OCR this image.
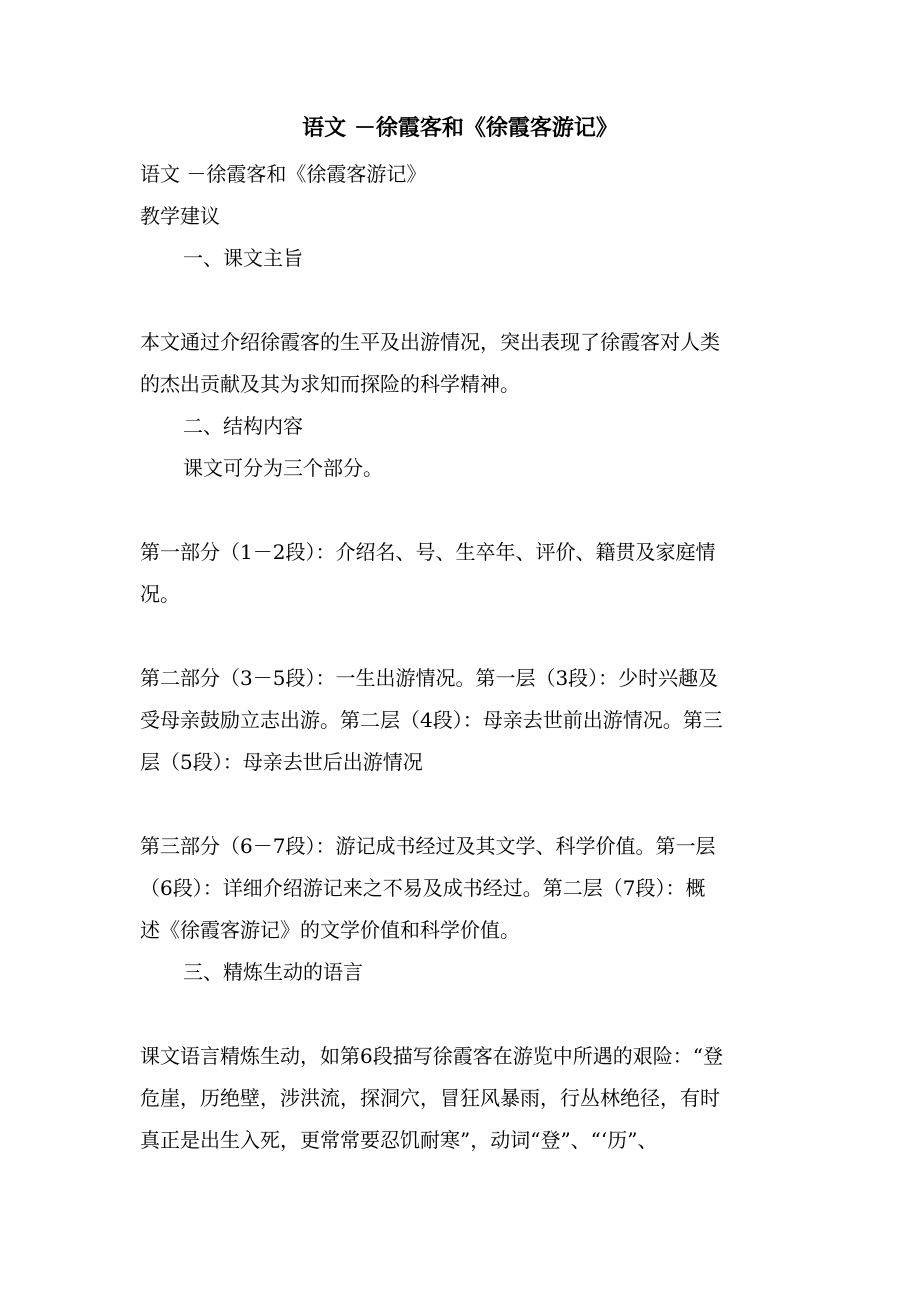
语文 －徐霞客和《徐霞客游记》
语文 －徐霞客和《徐霞客游记》
教学建议
一、课文主旨
本文通过介绍徐霞客的生平及出游情况，突出表现了徐霞客对人类
的杰出贡献及其为求知而探险的科学精神。
二、结构内容
课文可分为三个部分。
第一部分（1－2段）：介绍名、号、生卒年、评价、籍贯及家庭情
况。
第二部分（3－5段）：一生出游情况。第一层（3段）：少时兴趣及
受母亲鼓励立志出游。第二层（4段）：母亲去世前出游情况。第三
层（5段）：母亲去世后出游情况
第三部分（6－7段）：游记成书经过及其文学、科学价值。第一层
（6段）：详细介绍游记来之不易及成书经过。第二层（7段）：概
述《徐霞客游记》的文学价值和科学价值。
三、精炼生动的语言
课文语言精炼生动，如第6段描写徐霞客在游览中所遇的艰险：“登
危崖，历绝壁，涉洪流，探洞穴，冒狂风暴雨，行丛林绝径，有时
真正是出生入死，更常常要忍饥耐寒”，动词“登”、“‘历”、
